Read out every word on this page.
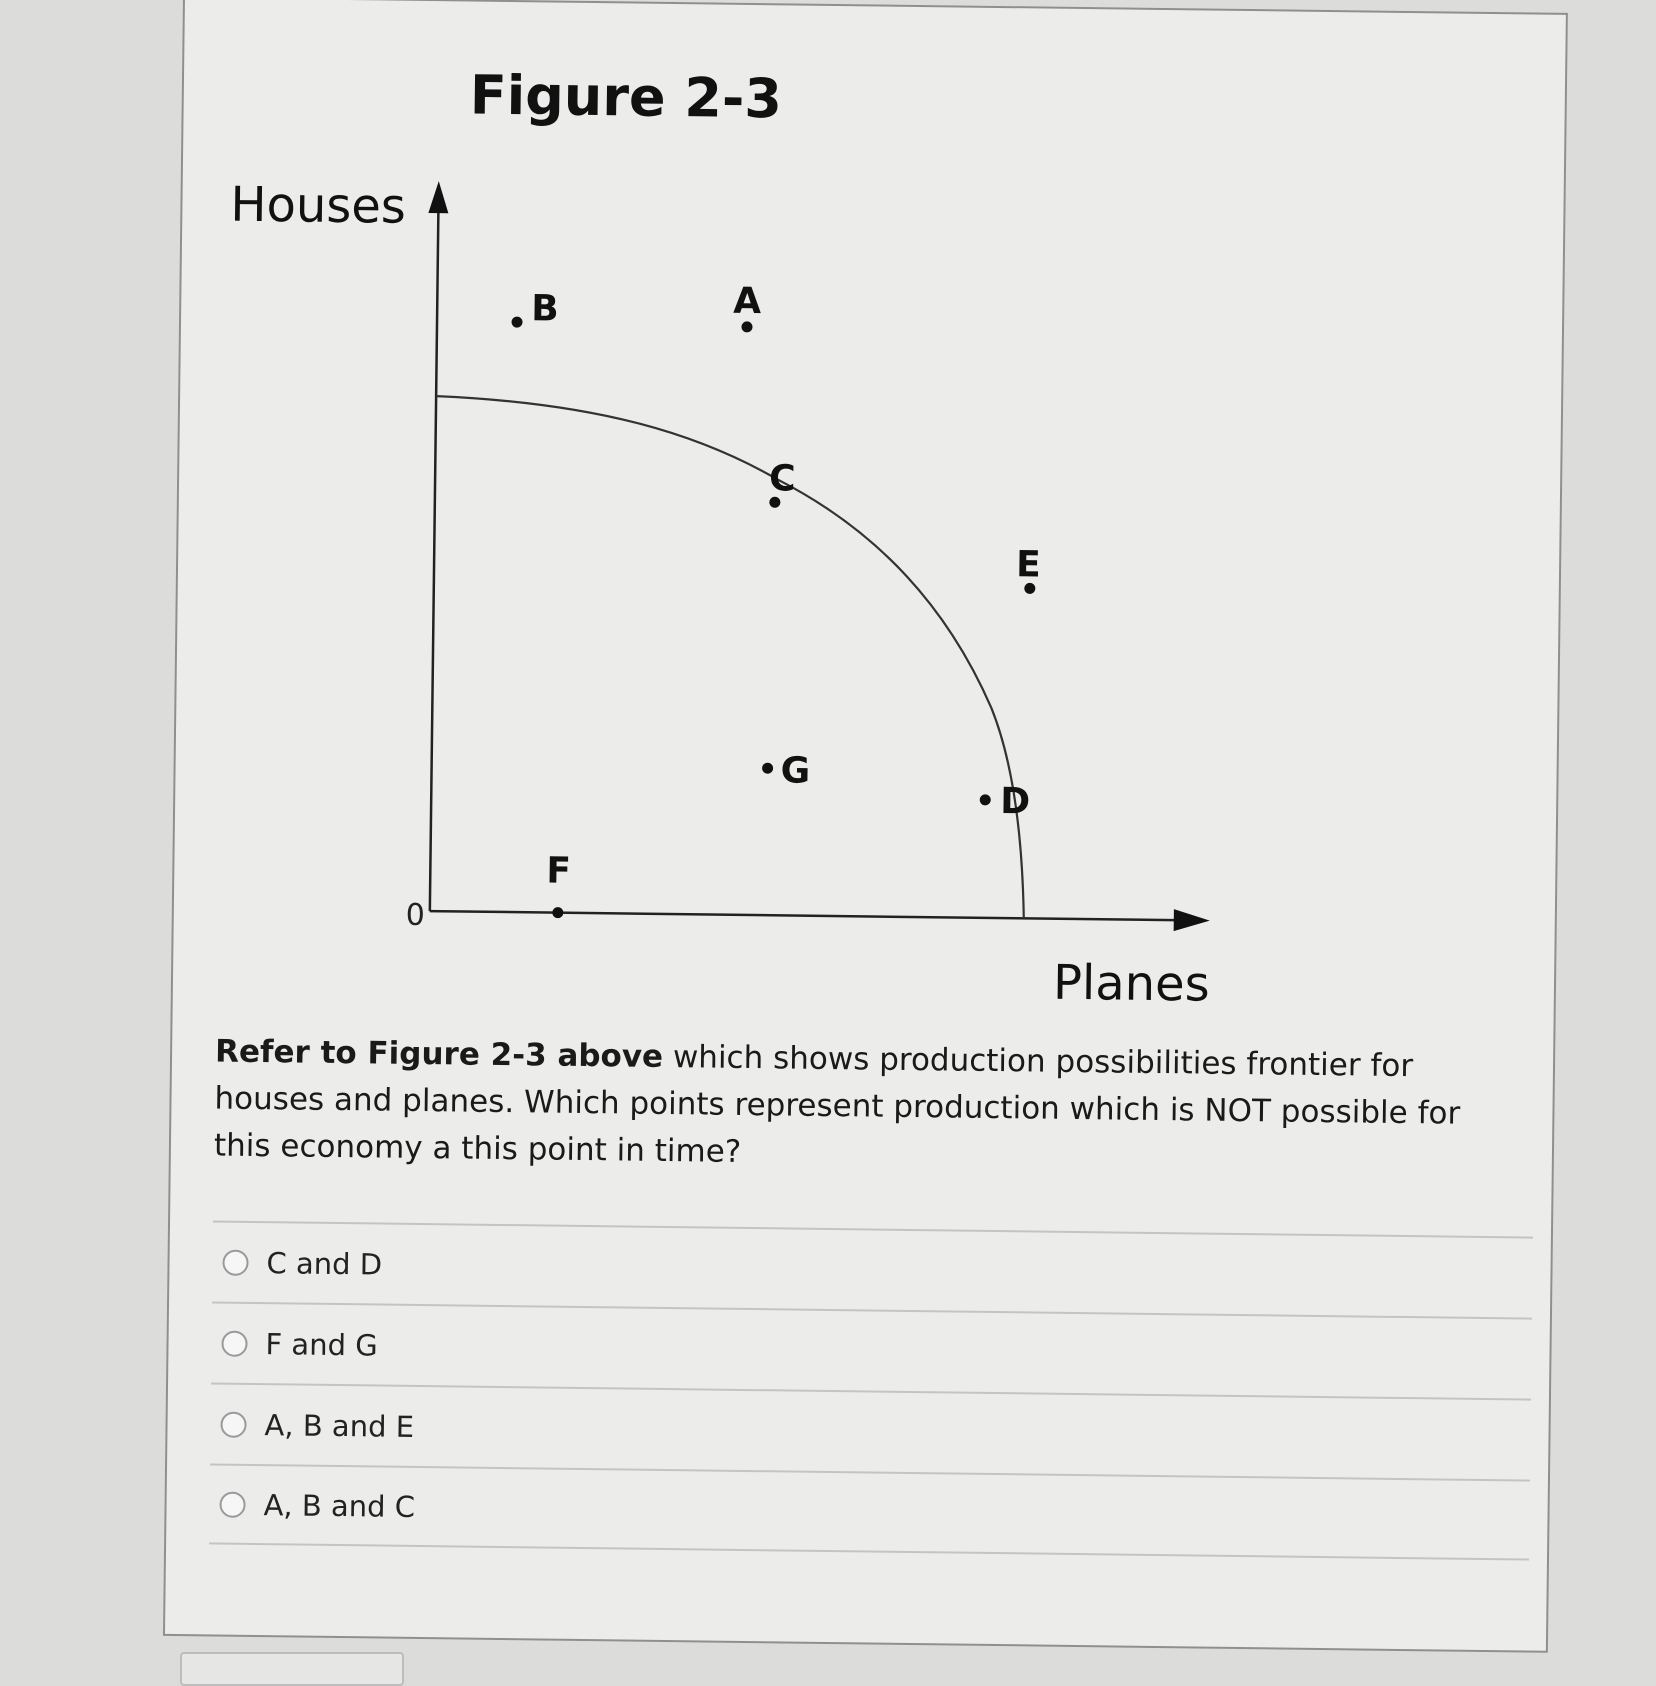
Figure 2-3
Houses
Planes
0
B	A
C
E
G
D
F
Refer to Figure 2-3 above which shows production possibilities frontier for houses and planes. Which points represent production which is NOT possible for this economy a this point in time?
C and D
F and G
A, B and E
A, B and C
